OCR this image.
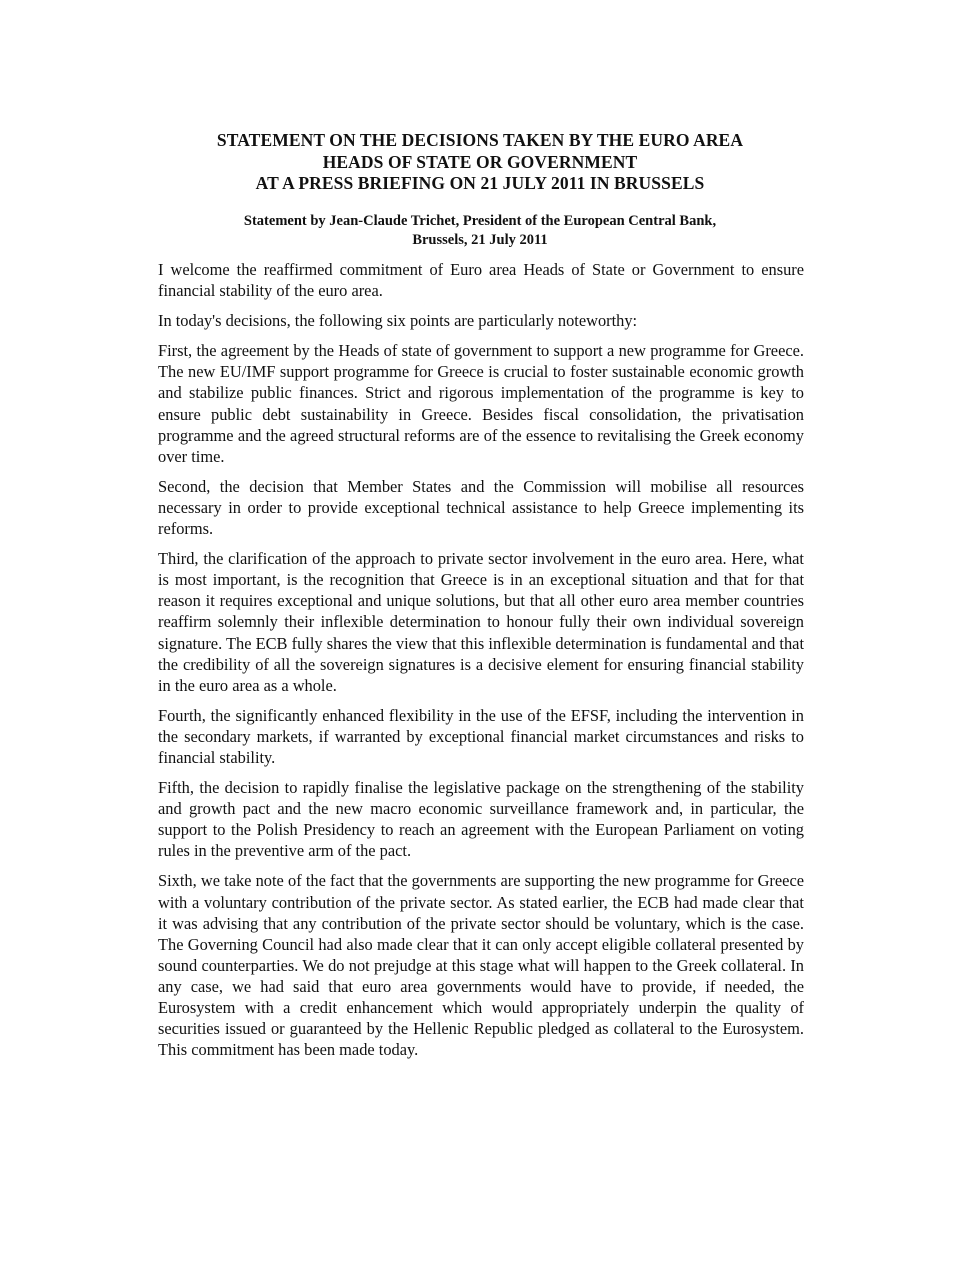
STATEMENT ON THE DECISIONS TAKEN BY THE EURO AREA
HEADS OF STATE OR GOVERNMENT
AT A PRESS BRIEFING ON 21 JULY 2011 IN BRUSSELS
Statement by Jean-Claude Trichet, President of the European Central Bank,
Brussels, 21 July 2011

I welcome the reaffirmed commitment of Euro area Heads of State or Government to ensure financial stability of the euro area.

In today's decisions, the following six points are particularly noteworthy:

First, the agreement by the Heads of state of government to support a new programme for Greece. The new EU/IMF support programme for Greece is crucial to foster sustainable economic growth and stabilize public finances. Strict and rigorous implementation of the programme is key to ensure public debt sustainability in Greece. Besides fiscal consolidation, the privatisation programme and the agreed structural reforms are of the essence to revitalising the Greek economy over time.

Second, the decision that Member States and the Commission will mobilise all resources necessary in order to provide exceptional technical assistance to help Greece implementing its reforms.

Third, the clarification of the approach to private sector involvement in the euro area. Here, what is most important, is the recognition that Greece is in an exceptional situation and that for that reason it requires exceptional and unique solutions, but that all other euro area member countries reaffirm solemnly their inflexible determination to honour fully their own individual sovereign signature. The ECB fully shares the view that this inflexible determination is fundamental and that the credibility of all the sovereign signatures is a decisive element for ensuring financial stability in the euro area as a whole.

Fourth, the significantly enhanced flexibility in the use of the EFSF, including the intervention in the secondary markets, if warranted by exceptional financial market circumstances and risks to financial stability.

Fifth, the decision to rapidly finalise the legislative package on the strengthening of the stability and growth pact and the new macro economic surveillance framework and, in particular, the support to the Polish Presidency to reach an agreement with the European Parliament on voting rules in the preventive arm of the pact.

Sixth, we take note of the fact that the governments are supporting the new programme for Greece with a voluntary contribution of the private sector. As stated earlier, the ECB had made clear that it was advising that any contribution of the private sector should be voluntary, which is the case. The Governing Council had also made clear that it can only accept eligible collateral presented by sound counterparties. We do not prejudge at this stage what will happen to the Greek collateral. In any case, we had said that euro area governments would have to provide, if needed, the Eurosystem with a credit enhancement which would appropriately underpin the quality of securities issued or guaranteed by the Hellenic Republic pledged as collateral to the Eurosystem. This commitment has been made today.
